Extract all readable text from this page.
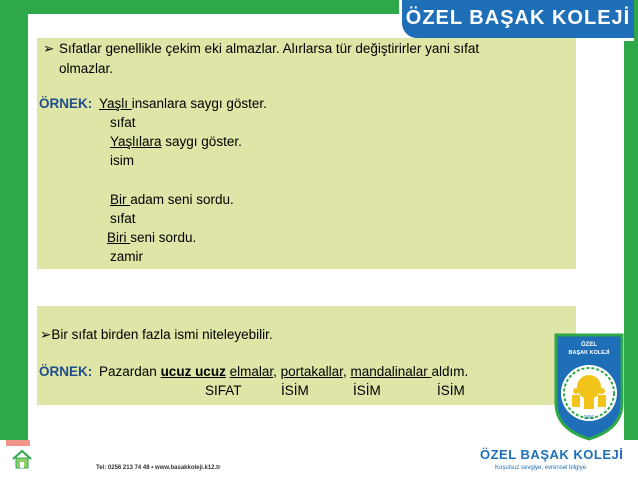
ÖZEL BAŞAK KOLEJİ
➢ Sıfatlar genellikle çekim eki almazlar. Alırlarsa tür değiştirirler yani sıfat
olmazlar.
ÖRNEK: Yaşlı insanlara saygı göster.
sıfat
Yaşlılara saygı göster.
isim
Bir adam seni sordu.
sıfat
Biri seni sordu.
zamir
➢Bir sıfat birden fazla ismi niteleyebilir.
ÖRNEK: Pazardan ucuz ucuz elmalar, portakallar, mandalinalar aldım.
SIFAT	İSİM	İSİM	İSİM
ÖZEL
BAŞAK KOLEJİ
1991
ÖZEL BAŞAK KOLEJİ
Koşulsuz sevgiye, evrensel bilgiye
Tel: 0256 213 74 48 • www.basakkoleji.k12.tr
